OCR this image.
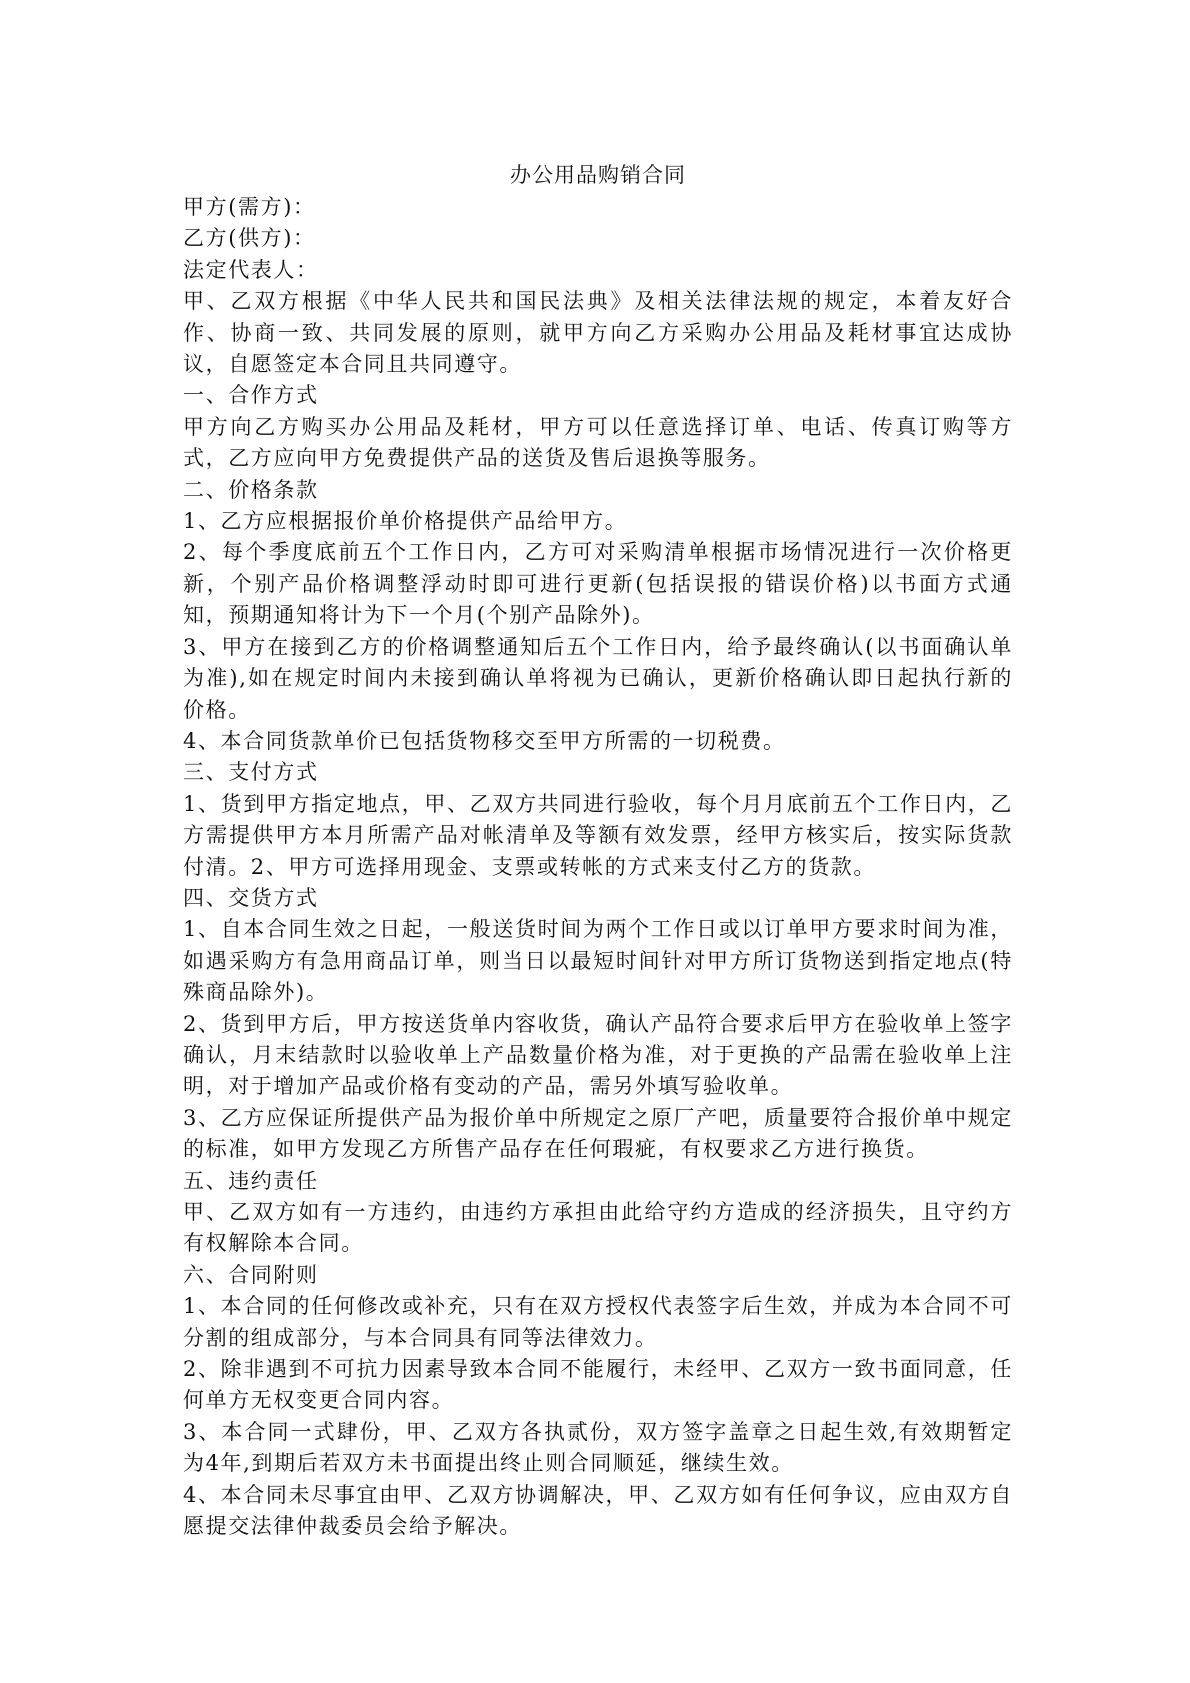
办公用品购销合同

甲方(需方)：

乙方(供方)：

法定代表人：

甲、乙双方根据《中华人民共和国民法典》及相关法律法规的规定，本着友好合作、协商一致、共同发展的原则，就甲方向乙方采购办公用品及耗材事宜达成协议，自愿签定本合同且共同遵守。

一、合作方式

甲方向乙方购买办公用品及耗材，甲方可以任意选择订单、电话、传真订购等方式，乙方应向甲方免费提供产品的送货及售后退换等服务。

二、价格条款

1、乙方应根据报价单价格提供产品给甲方。

2、每个季度底前五个工作日内，乙方可对采购清单根据市场情况进行一次价格更新，个别产品价格调整浮动时即可进行更新(包括误报的错误价格)以书面方式通知，预期通知将计为下一个月(个别产品除外)。

3、甲方在接到乙方的价格调整通知后五个工作日内，给予最终确认(以书面确认单为准),如在规定时间内未接到确认单将视为已确认，更新价格确认即日起执行新的价格。

4、本合同货款单价已包括货物移交至甲方所需的一切税费。

三、支付方式

1、货到甲方指定地点，甲、乙双方共同进行验收，每个月月底前五个工作日内，乙方需提供甲方本月所需产品对帐清单及等额有效发票，经甲方核实后，按实际货款付清。2、甲方可选择用现金、支票或转帐的方式来支付乙方的货款。

四、交货方式

1、自本合同生效之日起，一般送货时间为两个工作日或以订单甲方要求时间为准，如遇采购方有急用商品订单，则当日以最短时间针对甲方所订货物送到指定地点(特殊商品除外)。

2、货到甲方后，甲方按送货单内容收货，确认产品符合要求后甲方在验收单上签字确认，月末结款时以验收单上产品数量价格为准，对于更换的产品需在验收单上注明，对于增加产品或价格有变动的产品，需另外填写验收单。

3、乙方应保证所提供产品为报价单中所规定之原厂产吧，质量要符合报价单中规定的标准，如甲方发现乙方所售产品存在任何瑕疵，有权要求乙方进行换货。

五、违约责任

甲、乙双方如有一方违约，由违约方承担由此给守约方造成的经济损失，且守约方有权解除本合同。

六、合同附则

1、本合同的任何修改或补充，只有在双方授权代表签字后生效，并成为本合同不可分割的组成部分，与本合同具有同等法律效力。

2、除非遇到不可抗力因素导致本合同不能履行，未经甲、乙双方一致书面同意，任何单方无权变更合同内容。

3、本合同一式肆份，甲、乙双方各执贰份，双方签字盖章之日起生效,有效期暂定为4年,到期后若双方未书面提出终止则合同顺延，继续生效。

4、本合同未尽事宜由甲、乙双方协调解决，甲、乙双方如有任何争议，应由双方自愿提交法律仲裁委员会给予解决。
